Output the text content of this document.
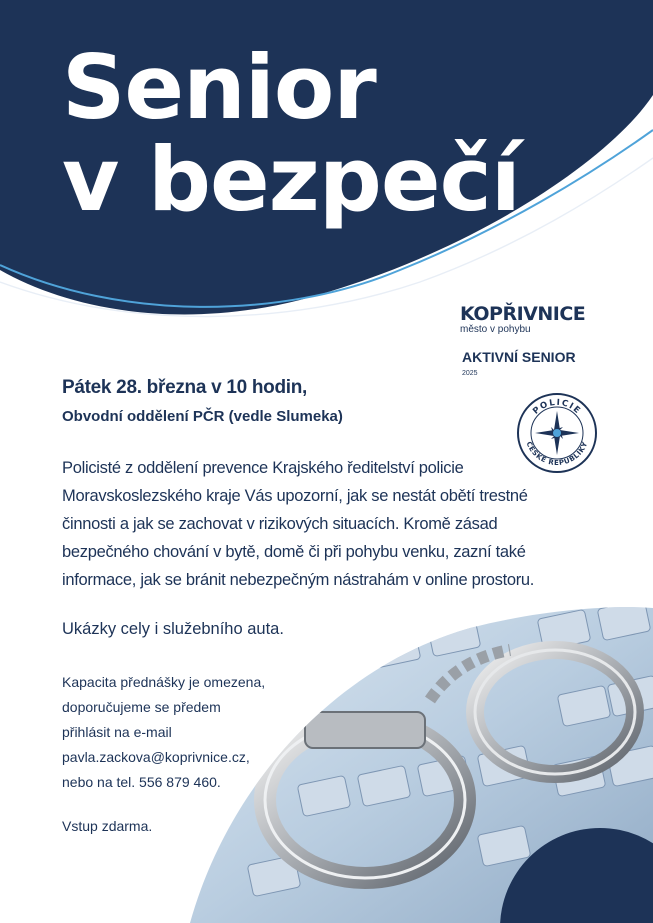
Senior
v bezpečí
KOPŘIVNICE
město v pohybu
AKTIVNÍ SENIOR
2025
POLICIE
ČESKÉ REPUBLIKY
Pátek 28. března v 10 hodin,
Obvodní oddělení PČR (vedle Slumeka)

Policisté z oddělení prevence Krajského ředitelství policie
Moravskoslezského kraje Vás upozorní, jak se nestát obětí trestné
činnosti a jak se zachovat v rizikových situacích. Kromě zásad
bezpečného chování v bytě, domě či při pohybu venku, zazní také
informace, jak se bránit nebezpečným nástrahám v online prostoru.

Ukázky cely i služebního auta.
Kapacita přednášky je omezena,
doporučujeme se předem
přihlásit na e-mail
pavla.zackova@koprivnice.cz,
nebo na tel. 556 879 460.
Vstup zdarma.
